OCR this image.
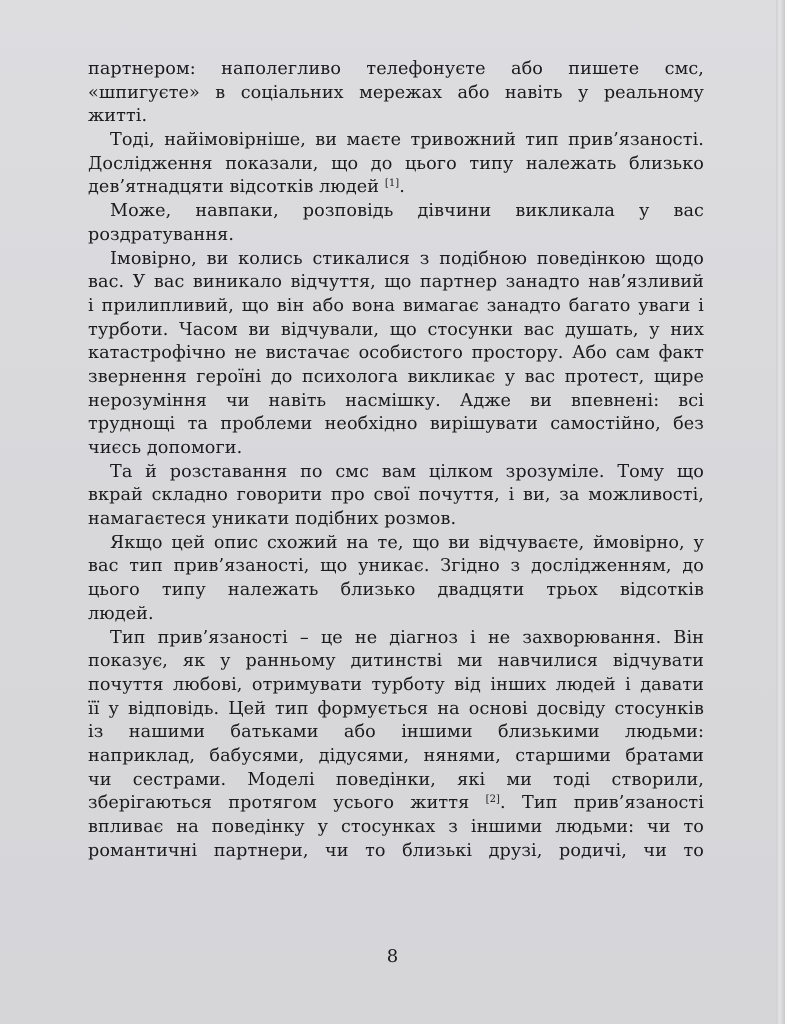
партнером: наполегливо телефонуєте або пишете смс,
«шпигуєте» в соціальних мережах або навіть у реальному
житті.
Тоді, найімовірніше, ви маєте тривожний тип прив’язаності.
Дослідження показали, що до цього типу належать близько
дев’ятнадцяти відсотків людей [1].
Може, навпаки, розповідь дівчини викликала у вас
роздратування.
Імовірно, ви колись стикалися з подібною поведінкою щодо
вас. У вас виникало відчуття, що партнер занадто нав’язливий
і прилипливий, що він або вона вимагає занадто багато уваги і
турботи. Часом ви відчували, що стосунки вас душать, у них
катастрофічно не вистачає особистого простору. Або сам факт
звернення героїні до психолога викликає у вас протест, щире
нерозуміння чи навіть насмішку. Адже ви впевнені: всі
труднощі та проблеми необхідно вирішувати самостійно, без
чиєсь допомоги.
Та й розставання по смс вам цілком зрозуміле. Тому що
вкрай складно говорити про свої почуття, і ви, за можливості,
намагаєтеся уникати подібних розмов.
Якщо цей опис схожий на те, що ви відчуваєте, ймовірно, у
вас тип прив’язаності, що уникає. Згідно з дослідженням, до
цього типу належать близько двадцяти трьох відсотків
людей.
Тип прив’язаності – це не діагноз і не захворювання. Він
показує, як у ранньому дитинстві ми навчилися відчувати
почуття любові, отримувати турботу від інших людей і давати
її у відповідь. Цей тип формується на основі досвіду стосунків
із нашими батьками або іншими близькими людьми:
наприклад, бабусями, дідусями, нянями, старшими братами
чи сестрами. Моделі поведінки, які ми тоді створили,
зберігаються протягом усього життя [2]. Тип прив’язаності
впливає на поведінку у стосунках з іншими людьми: чи то
романтичні партнери, чи то близькі друзі, родичі, чи то
8
